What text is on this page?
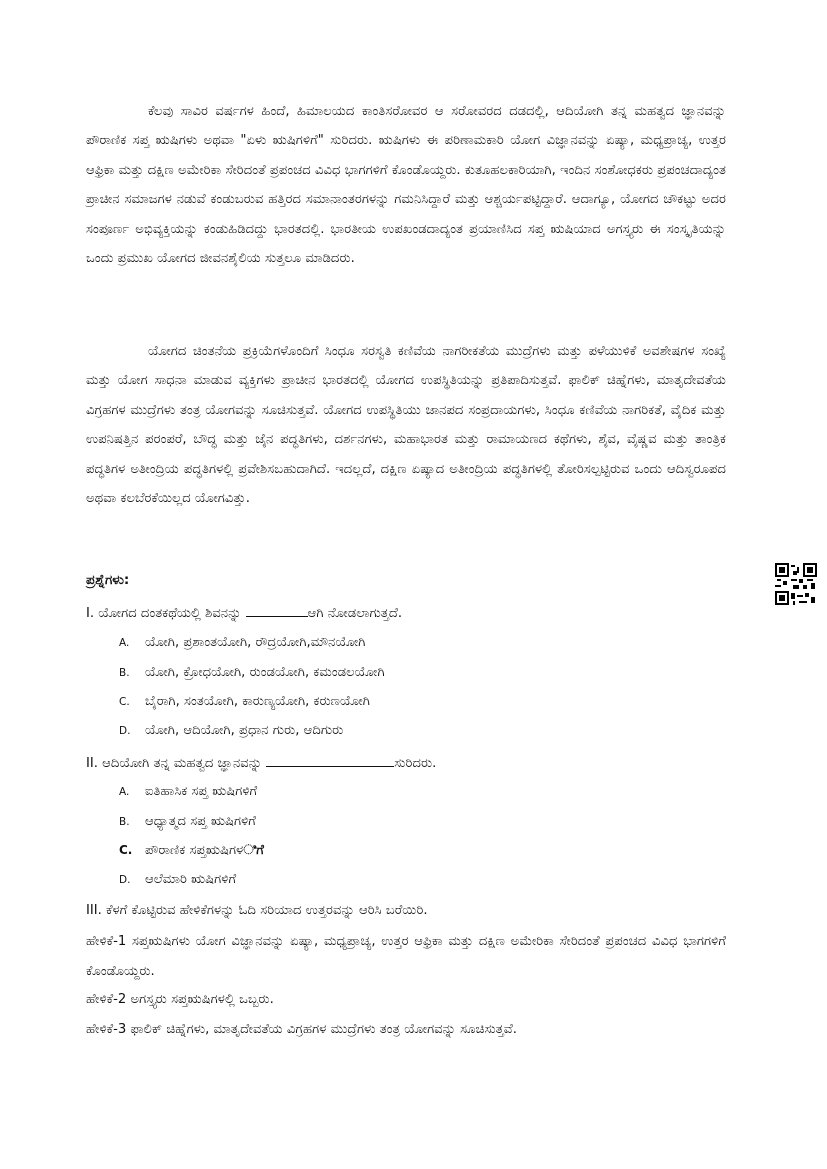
ಕೆಲವು ಸಾವಿರ ವರ್ಷಗಳ ಹಿಂದೆ, ಹಿಮಾಲಯದ ಕಾಂತಿಸರೋವರ ಆ ಸರೋವರದ ದಡದಲ್ಲಿ, ಆದಿಯೋಗಿ ತನ್ನ ಮಹತ್ವದ ಜ್ಞಾನವನ್ನು ಪೌರಾಣಿಕ ಸಪ್ತ ಋಷಿಗಳು ಅಥವಾ "ಏಳು ಋಷಿಗಳಿಗೆ" ಸುರಿದರು. ಋಷಿಗಳು ಈ ಪರಿಣಾಮಕಾರಿ ಯೋಗ ವಿಜ್ಞಾನವನ್ನು ಏಷ್ಯಾ, ಮಧ್ಯಪ್ರಾಚ್ಯ, ಉತ್ತರ ಆಫ್ರಿಕಾ ಮತ್ತು ದಕ್ಷಿಣ ಅಮೇರಿಕಾ ಸೇರಿದಂತೆ ಪ್ರಪಂಚದ ವಿವಿಧ ಭಾಗಗಳಿಗೆ ಕೊಂಡೊಯ್ದರು. ಕುತೂಹಲಕಾರಿಯಾಗಿ, ಇಂದಿನ ಸಂಶೋಧಕರು ಪ್ರಪಂಚದಾದ್ಯಂತ ಪ್ರಾಚೀನ ಸಮಾಜಗಳ ನಡುವೆ ಕಂಡುಬರುವ ಹತ್ತಿರದ ಸಮಾನಾಂತರಗಳನ್ನು ಗಮನಿಸಿದ್ದಾರೆ ಮತ್ತು ಆಶ್ಚರ್ಯಪಟ್ಟಿದ್ದಾರೆ. ಆದಾಗ್ಯೂ, ಯೋಗದ ಚೌಕಟ್ಟು ಅದರ ಸಂಪೂರ್ಣ ಅಭಿವ್ಯಕ್ತಿಯನ್ನು ಕಂಡುಹಿಡಿದದ್ದು ಭಾರತದಲ್ಲಿ. ಭಾರತೀಯ ಉಪಖಂಡದಾದ್ಯಂತ ಪ್ರಯಾಣಿಸಿದ ಸಪ್ತ ಋಷಿಯಾದ ಅಗಸ್ತ್ಯರು ಈ ಸಂಸ್ಕೃತಿಯನ್ನು ಒಂದು ಪ್ರಮುಖ ಯೋಗದ ಜೀವನಶೈಲಿಯ ಸುತ್ತಲೂ ಮಾಡಿದರು.

ಯೋಗದ ಚಿಂತನೆಯ ಪ್ರಕ್ರಿಯೆಗಳೊಂದಿಗೆ ಸಿಂಧೂ ಸರಸ್ವತಿ ಕಣಿವೆಯ ನಾಗರೀಕತೆಯ ಮುದ್ರೆಗಳು ಮತ್ತು ಪಳೆಯುಳಿಕೆ ಅವಶೇಷಗಳ ಸಂಖ್ಯೆ ಮತ್ತು ಯೋಗ ಸಾಧನಾ ಮಾಡುವ ವ್ಯಕ್ತಿಗಳು ಪ್ರಾಚೀನ ಭಾರತದಲ್ಲಿ ಯೋಗದ ಉಪಸ್ಥಿತಿಯನ್ನು ಪ್ರತಿಪಾದಿಸುತ್ತವೆ. ಫಾಲಿಕ್ ಚಿಹ್ನೆಗಳು, ಮಾತೃದೇವತೆಯ ವಿಗ್ರಹಗಳ ಮುದ್ರೆಗಳು ತಂತ್ರ ಯೋಗವನ್ನು ಸೂಚಿಸುತ್ತವೆ. ಯೋಗದ ಉಪಸ್ಥಿತಿಯು ಜಾನಪದ ಸಂಪ್ರದಾಯಗಳು, ಸಿಂಧೂ ಕಣಿವೆಯ ನಾಗರಿಕತೆ, ವೈದಿಕ ಮತ್ತು ಉಪನಿಷತ್ತಿನ ಪರಂಪರೆ, ಬೌದ್ಧ ಮತ್ತು ಜೈನ ಪದ್ಧತಿಗಳು, ದರ್ಶನಗಳು, ಮಹಾಭಾರತ ಮತ್ತು ರಾಮಾಯಣದ ಕಥೆಗಳು, ಶೈವ, ವೈಷ್ಣವ ಮತ್ತು ತಾಂತ್ರಿಕ ಪದ್ಧತಿಗಳ ಅತೀಂದ್ರಿಯ ಪದ್ಧತಿಗಳಲ್ಲಿ ಪ್ರವೇಶಿಸಬಹುದಾಗಿದೆ. ಇದಲ್ಲದೆ, ದಕ್ಷಿಣ ಏಷ್ಯಾದ ಅತೀಂದ್ರಿಯ ಪದ್ಧತಿಗಳಲ್ಲಿ ತೋರಿಸಲ್ಪಟ್ಟಿರುವ ಒಂದು ಆದಿಸ್ವರೂಪದ ಅಥವಾ ಕಲಬೆರಕೆಯಿಲ್ಲದ ಯೋಗವಿತ್ತು.

ಪ್ರಶ್ನೆಗಳು:

I. ಯೋಗದ ದಂತಕಥೆಯಲ್ಲಿ ಶಿವನನ್ನು	ಆಗಿ ನೋಡಲಾಗುತ್ತದೆ.

A. ಯೋಗಿ, ಪ್ರಶಾಂತಯೋಗಿ, ರೌದ್ರಯೋಗಿ,ಮೌನಯೋಗಿ
B. ಯೋಗಿ, ಕ್ರೋಧಯೋಗಿ, ರುಂಡಯೋಗಿ, ಕಮಂಡಲಯೋಗಿ
C. ಬೈರಾಗಿ, ಸಂತಯೋಗಿ, ಕಾರುಣ್ಯಯೋಗಿ, ಕರುಣಯೋಗಿ
D. ಯೋಗಿ, ಆದಿಯೋಗಿ, ಪ್ರಧಾನ ಗುರು, ಆದಿಗುರು

II. ಆದಿಯೋಗಿ ತನ್ನ ಮಹತ್ವದ ಜ್ಞಾನವನ್ನು	ಸುರಿದರು.

A. ಐತಿಹಾಸಿಕ ಸಪ್ತ ಋಷಿಗಳಿಗೆ
B. ಆಧ್ಯಾತ್ಮದ ಸಪ್ತ ಋಷಿಗಳಿಗೆ
C. ಪೌರಾಣಿಕ ಸಪ್ತಋಷಿಗಳಿಗೆ
D. ಆಲೆಮಾರಿ ಋಷಿಗಳಿಗೆ

III. ಕೆಳಗೆ ಕೊಟ್ಟಿರುವ ಹೇಳಿಕೆಗಳನ್ನು ಓದಿ ಸರಿಯಾದ ಉತ್ತರವನ್ನು ಆರಿಸಿ ಬರೆಯಿರಿ.

ಹೇಳಿಕೆ-1 ಸಪ್ತಋಷಿಗಳು ಯೋಗ ವಿಜ್ಞಾನವನ್ನು ಏಷ್ಯಾ, ಮಧ್ಯಪ್ರಾಚ್ಯ, ಉತ್ತರ ಆಫ್ರಿಕಾ ಮತ್ತು ದಕ್ಷಿಣ ಅಮೇರಿಕಾ ಸೇರಿದಂತೆ ಪ್ರಪಂಚದ ವಿವಿಧ ಭಾಗಗಳಿಗೆ ಕೊಂಡೊಯ್ದರು.
ಹೇಳಿಕೆ-2 ಅಗಸ್ತ್ಯರು ಸಪ್ತಋಷಿಗಳಲ್ಲಿ ಒಬ್ಬರು.
ಹೇಳಿಕೆ-3 ಫಾಲಿಕ್ ಚಿಹ್ನೆಗಳು, ಮಾತೃದೇವತೆಯ ವಿಗ್ರಹಗಳ ಮುದ್ರೆಗಳು ತಂತ್ರ ಯೋಗವನ್ನು ಸೂಚಿಸುತ್ತವೆ.
